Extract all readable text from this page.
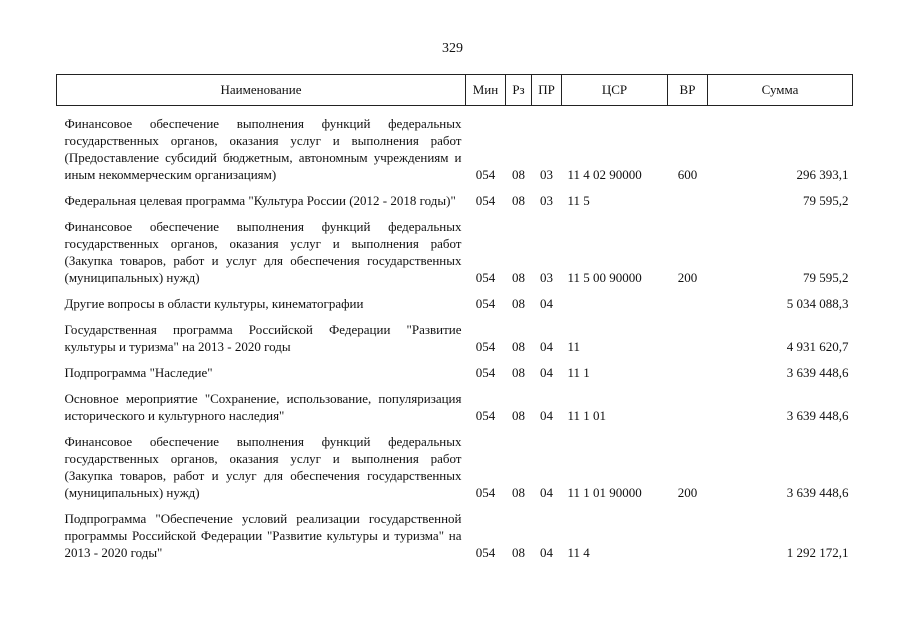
329
Наименование	Мин	Рз	ПР	ЦСР	ВР	Сумма

Финансовое обеспечение выполнения функций федеральных государственных органов, оказания услуг и выполнения работ (Предоставление субсидий бюджетным, автономным учреждениям и иным некоммерческим организациям)	054	08	03	11 4 02 90000	600	296 393,1

Федеральная целевая программа "Культура России (2012 - 2018 годы)"	054	08	03	11 5		79 595,2

Финансовое обеспечение выполнения функций федеральных государственных органов, оказания услуг и выполнения работ (Закупка товаров, работ и услуг для обеспечения государственных (муниципальных) нужд)	054	08	03	11 5 00 90000	200	79 595,2

Другие вопросы в области культуры, кинематографии	054	08	04			5 034 088,3

Государственная программа Российской Федерации "Развитие культуры и туризма" на 2013 - 2020 годы	054	08	04	11		4 931 620,7

Подпрограмма "Наследие"	054	08	04	11 1		3 639 448,6

Основное мероприятие "Сохранение, использование, популяризация исторического и культурного наследия"	054	08	04	11 1 01		3 639 448,6

Финансовое обеспечение выполнения функций федеральных государственных органов, оказания услуг и выполнения работ (Закупка товаров, работ и услуг для обеспечения государственных (муниципальных) нужд)	054	08	04	11 1 01 90000	200	3 639 448,6

Подпрограмма "Обеспечение условий реализации государственной программы Российской Федерации "Развитие культуры и туризма" на 2013 - 2020 годы"	054	08	04	11 4		1 292 172,1
